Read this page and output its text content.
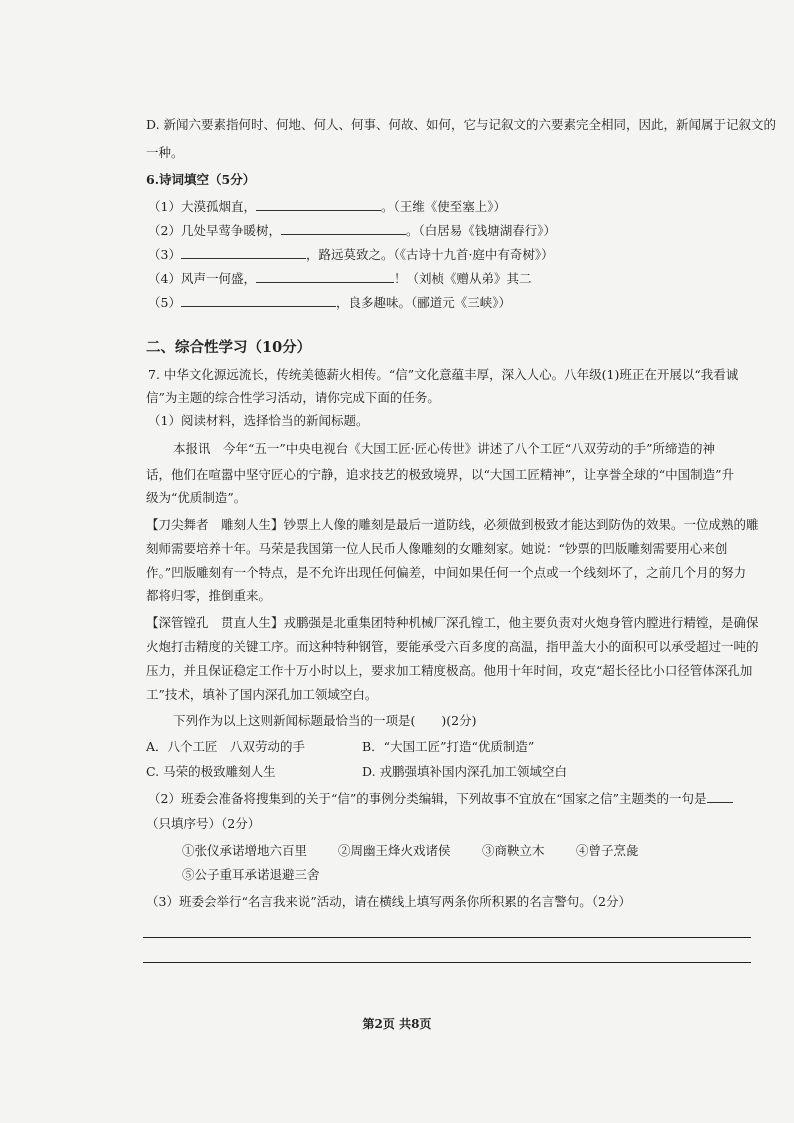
D. 新闻六要素指何时、何地、何人、何事、何故、如何，它与记叙文的六要素完全相同，因此，新闻属于记叙文的
一种。
6.诗词填空（5分）
（1）大漠孤烟直，	。（王维《使至塞上》）
（2）几处早莺争暖树，	。（白居易《钱塘湖春行》）
（3）	，路远莫致之。（《古诗十九首·庭中有奇树》）
（4）风声一何盛，	！（刘桢《赠从弟》其二
（5）	，良多趣味。（郦道元《三峡》）
二、综合性学习（10分）
7. 中华文化源远流长，传统美德薪火相传。“信”文化意蕴丰厚，深入人心。八年级(1)班正在开展以“我看诚
信”为主题的综合性学习活动，请你完成下面的任务。
（1）阅读材料，选择恰当的新闻标题。
本报讯　今年“五一”中央电视台《大国工匠·匠心传世》讲述了八个工匠“八双劳动的手”所缔造的神
话，他们在喧嚣中坚守匠心的宁静，追求技艺的极致境界，以“大国工匠精神”，让享誉全球的“中国制造”升
级为“优质制造”。
【刀尖舞者　雕刻人生】钞票上人像的雕刻是最后一道防线，必须做到极致才能达到防伪的效果。一位成熟的雕
刻师需要培养十年。马荣是我国第一位人民币人像雕刻的女雕刻家。她说：“钞票的凹版雕刻需要用心来创
作。”凹版雕刻有一个特点，是不允许出现任何偏差，中间如果任何一个点或一个线刻坏了，之前几个月的努力
都将归零，推倒重来。
【深管镗孔　贯直人生】戎鹏强是北重集团特种机械厂深孔镗工，他主要负责对火炮身管内膛进行精镗，是确保
火炮打击精度的关键工序。而这种特种钢管，要能承受六百多度的高温，指甲盖大小的面积可以承受超过一吨的
压力，并且保证稳定工作十万小时以上，要求加工精度极高。他用十年时间，攻克“超长径比小口径管体深孔加
工”技术，填补了国内深孔加工领域空白。
下列作为以上这则新闻标题最恰当的一项是( )(2分)
A．八个工匠　八双劳动的手	B．“大国工匠”打造“优质制造”
C. 马荣的极致雕刻人生	D. 戎鹏强填补国内深孔加工领域空白
（2）班委会准备将搜集到的关于“信”的事例分类编辑，下列故事不宜放在“国家之信”主题类的一句是
（只填序号）（2分）
①张仪承诺增地六百里 ②周幽王烽火戏诸侯	③商鞅立木	④曾子烹彘
⑤公子重耳承诺退避三舍
（3）班委会举行“名言我来说”活动，请在横线上填写两条你所积累的名言警句。（2分）
第2页 共8页
